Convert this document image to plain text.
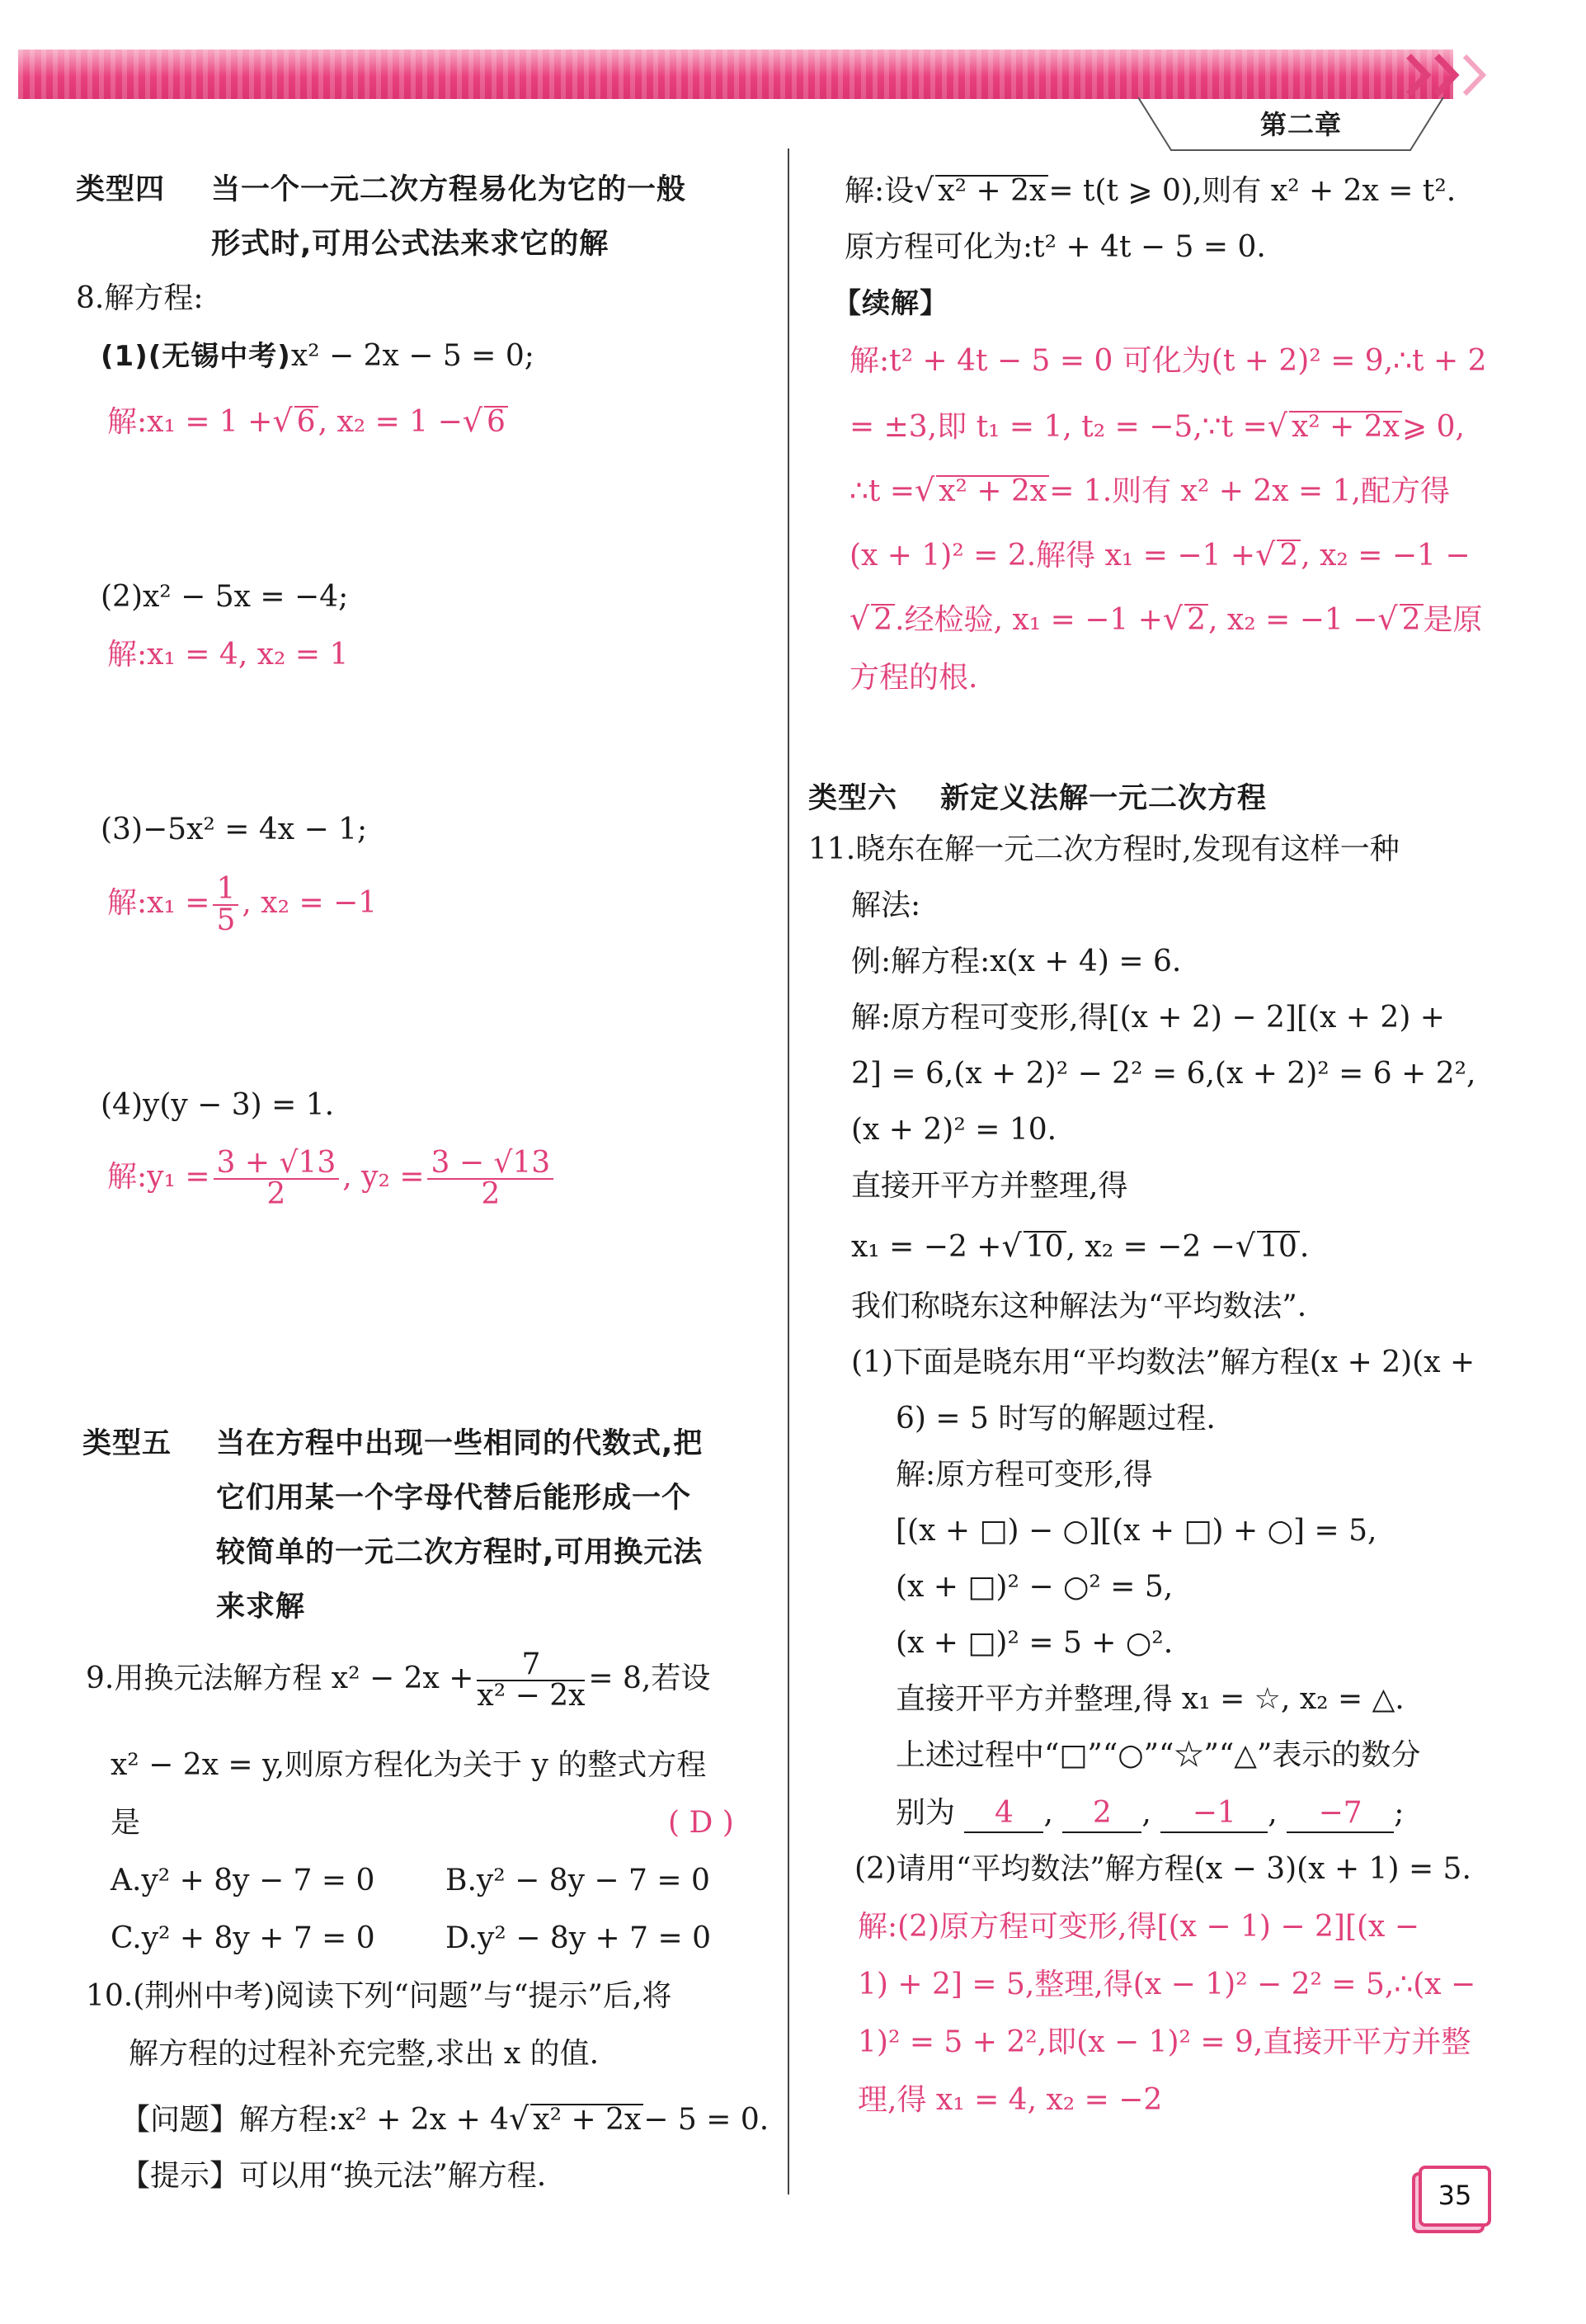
第二章
类型四 当一个一元二次方程易化为它的一般
形式时,可用公式法来求它的解
8.解方程:
(1)(无锡中考)x² − 2x − 5 = 0;
解:x₁ = 1 +√ 6, x₂ = 1 −√ 6
(2)x² − 5x = −4;
解:x₁ = 4, x₂ = 1
(3)−5x² = 4x − 1;
解:x₁ = $\frac{1}{5}$ , x₂ = −1
(4)y(y − 3) = 1.
解:y₁ = $\frac{3 + √13}{2}$ , $y_2 = \frac{3 - √13}{2}$
类型五 当在方程中出现一些相同的代数式,把
它们用某一个字母代替后能形成一个
较简单的一元二次方程时,可用换元法
来求解
9.用换元法解方程 $x^2 - 2x + \frac{7}{\text{x² − 2x}} = 8$,若设
x² − 2x = y,则原方程化为关于 y 的整式方程
是	( D )
A.y² + 8y − 7 = 0 B.y² − 8y − 7 = 0
C.y² + 8y + 7 = 0 D.y² − 8y + 7 = 0
10.(荆州中考)阅读下列“问题”与“提示”后,将
解方程的过程补充完整,求出 x 的值.
【问题】解方程:x² + 2x + 4√ x² + 2x− 5 = 0.
【提示】可以用“换元法”解方程.
解:设√ x² + 2x= t(t ⩾ 0),则有 x² + 2x = t².
原方程可化为:t² + 4t − 5 = 0.
【续解】
解:t² + 4t − 5 = 0 可化为(t + 2)² = 9,∴t + 2
= ±3,即 t₁ = 1, t₂ = −5,∵t =√ x² + 2x⩾ 0,
∴t =√ x² + 2x= 1.则有 x² + 2x = 1,配方得
(x + 1)² = 2.解得 x₁ = −1 +√ 2, x₂ = −1 −
√ 2.经检验, x₁ = −1 +√ 2, x₂ = −1 −√ 2是原
方程的根.
类型六 新定义法解一元二次方程
11.晓东在解一元二次方程时,发现有这样一种
解法:
例:解方程:x(x + 4) = 6.
解:原方程可变形,得[(x + 2) − 2][(x + 2) +
2] = 6,(x + 2)² − 2² = 6,(x + 2)² = 6 + 2²,
(x + 2)² = 10.
直接开平方并整理,得
x₁ = −2 +√ 10, x₂ = −2 −√ 10.
我们称晓东这种解法为“平均数法”.
(1)下面是晓东用“平均数法”解方程(x + 2)(x +
6) = 5 时写的解题过程.
解:原方程可变形,得
[(x + □) − ○][(x + □) + ○] = 5,
(x + □)² − ○² = 5,
(x + □)² = 5 + ○².
直接开平方并整理,得 x₁ = ☆, x₂ = △.
上述过程中“□”“○”“☆”“△”表示的数分
别为 4 , 2 , −1 , −7 ;
(2)请用“平均数法”解方程(x − 3)(x + 1) = 5.
解:(2)原方程可变形,得[(x − 1) − 2][(x −
1) + 2] = 5,整理,得(x − 1)² − 2² = 5,∴(x −
1)² = 5 + 2²,即(x − 1)² = 9,直接开平方并整
理,得 x₁ = 4, x₂ = −2
35
